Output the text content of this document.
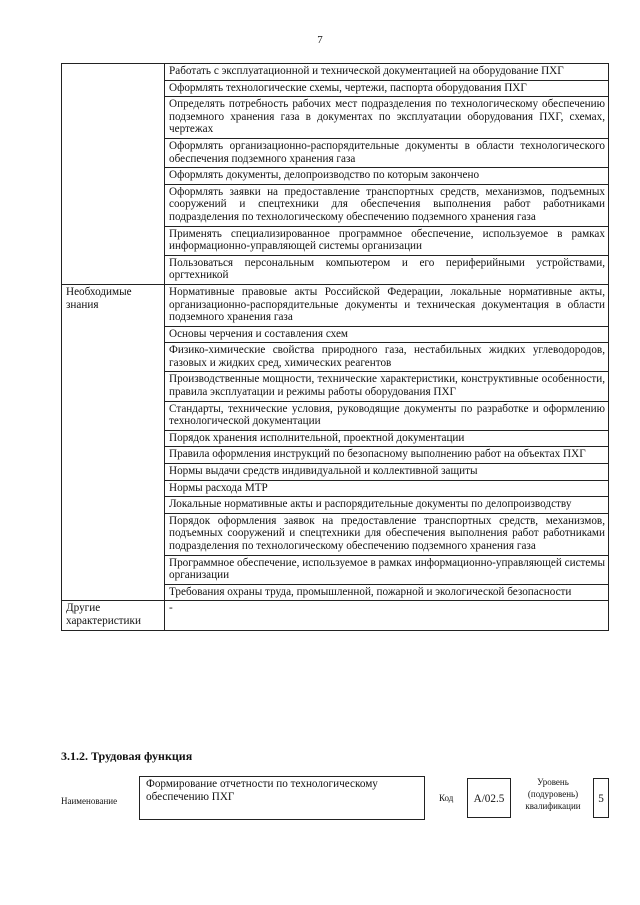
7
	Работать с эксплуатационной и технической документацией на оборудование ПХГ
	Оформлять технологические схемы, чертежи, паспорта оборудования ПХГ
	Определять потребность рабочих мест подразделения по технологическому обеспечению подземного хранения газа в документах по эксплуатации оборудования ПХГ, схемах, чертежах
	Оформлять организационно-распорядительные документы в области технологического обеспечения подземного хранения газа
	Оформлять документы, делопроизводство по которым закончено
	Оформлять заявки на предоставление транспортных средств, механизмов, подъемных сооружений и спецтехники для обеспечения выполнения работ работниками подразделения по технологическому обеспечению подземного хранения газа
	Применять специализированное программное обеспечение, используемое в рамках информационно-управляющей системы организации
	Пользоваться персональным компьютером и его периферийными устройствами, оргтехникой
Необходимые знания	Нормативные правовые акты Российской Федерации, локальные нормативные акты, организационно-распорядительные документы и техническая документация в области подземного хранения газа
	Основы черчения и составления схем
	Физико-химические свойства природного газа, нестабильных жидких углеводородов, газовых и жидких сред, химических реагентов
	Производственные мощности, технические характеристики, конструктивные особенности, правила эксплуатации и режимы работы оборудования ПХГ
	Стандарты, технические условия, руководящие документы по разработке и оформлению технологической документации
	Порядок хранения исполнительной, проектной документации
	Правила оформления инструкций по безопасному выполнению работ на объектах ПХГ
	Нормы выдачи средств индивидуальной и коллективной защиты
	Нормы расхода МТР
	Локальные нормативные акты и распорядительные документы по делопроизводству
	Порядок оформления заявок на предоставление транспортных средств, механизмов, подъемных сооружений и спецтехники для обеспечения выполнения работ работниками подразделения по технологическому обеспечению подземного хранения газа
	Программное обеспечение, используемое в рамках информационно-управляющей системы организации
	Требования охраны труда, промышленной, пожарной и экологической безопасности
Другие характеристики	-
3.1.2. Трудовая функция
Наименование
Формирование отчетности по технологическому обеспечению ПХГ	Код	А/02.5
Уровень (подуровень) квалификации
5
